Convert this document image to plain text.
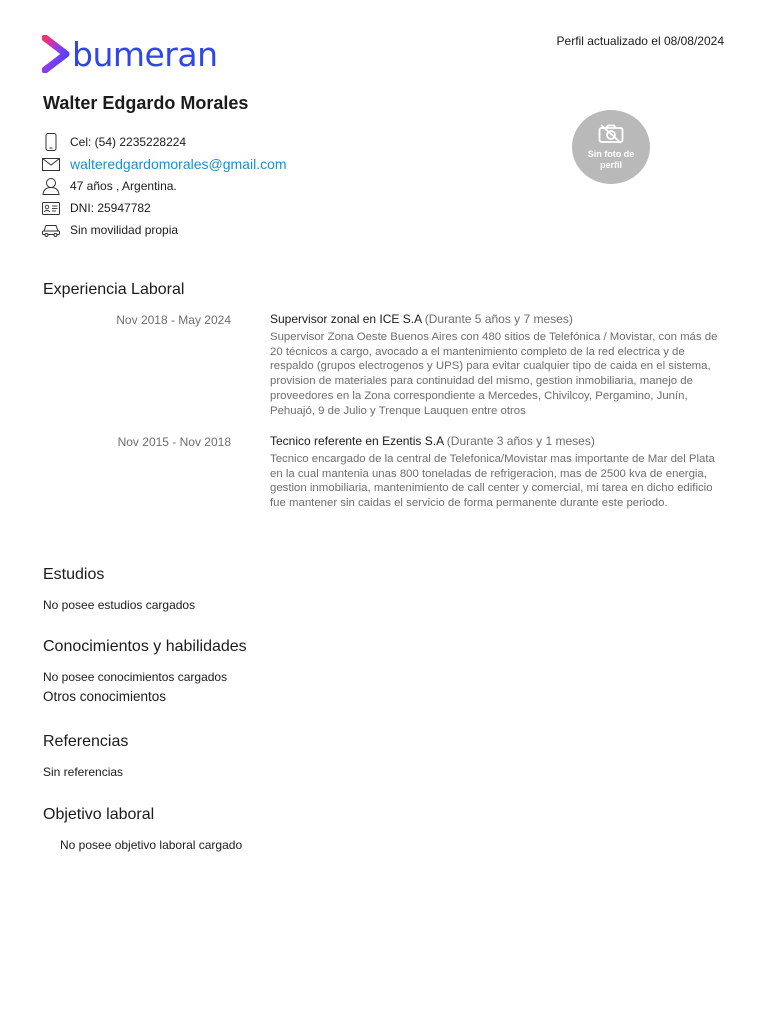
bumeran	Perfil actualizado el 08/08/2024
Walter Edgardo Morales
Cel: (54) 2235228224
walteredgardomorales@gmail.com
47 años , Argentina.
DNI: 25947782
Sin movilidad propia
Sin foto de perfil
Experiencia Laboral
Nov 2018 - May 2024	Supervisor zonal en ICE S.A (Durante 5 años y 7 meses)
Supervisor Zona Oeste Buenos Aires con 480 sitios de Telefónica / Movistar, con más de 20 técnicos a cargo, avocado a el mantenimiento completo de la red electrica y de respaldo (grupos electrogenos y UPS) para evitar cualquier tipo de caida en el sistema, provision de materiales para continuidad del mismo, gestion inmobiliaria, manejo de proveedores en la Zona correspondiente a Mercedes, Chivilcoy, Pergamino, Junín, Pehuajó, 9 de Julio y Trenque Lauquen entre otros
Nov 2015 - Nov 2018	Tecnico referente en Ezentis S.A (Durante 3 años y 1 meses)
Tecnico encargado de la central de Telefonica/Movistar mas importante de Mar del Plata en la cual mantenia unas 800 toneladas de refrigeracion, mas de 2500 kva de energia, gestion inmobiliaria, mantenimiento de call center y comercial, mi tarea en dicho edificio fue mantener sin caidas el servicio de forma permanente durante este periodo.
Estudios
No posee estudios cargados
Conocimientos y habilidades
No posee conocimientos cargados
Otros conocimientos
Referencias
Sin referencias
Objetivo laboral
No posee objetivo laboral cargado
